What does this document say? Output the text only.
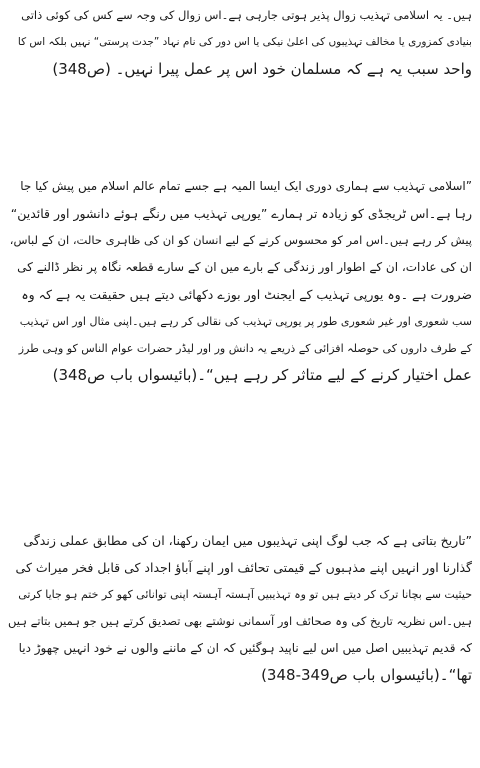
ہیں۔ یہ اسلامی تہذیب زوال پذیر ہوتی جارہی ہے۔اس زوال کی وجہ سے کس کی کوئی ذاتی
بنیادی کمزوری یا مخالف تہذیبوں کی اعلیٰ نیکی یا اس دور کی نام نہاد ”جدت پرستی“ نہیں بلکہ اس کا
واحد سبب یہ ہے کہ مسلمان خود اس پر عمل پیرا نہیں۔ (ص348)
”اسلامی تہذیب سے ہماری دوری ایک ایسا المیہ ہے جسے تمام عالم اسلام میں پیش کیا جا
رہا ہے۔اس ٹریجڈی کو زیادہ تر ہمارے ”یورپی تہذیب میں رنگے ہوئے دانشور اور قائدین“
پیش کر رہے ہیں۔اس امر کو محسوس کرنے کے لیے انسان کو ان کی ظاہری حالت، ان کے لباس،
ان کی عادات، ان کے اطوار اور زندگی کے بارے میں ان کے سارے قطعہ نگاہ پر نظر ڈالنے کی
ضرورت ہے ۔وہ یورپی تہذیب کے ایجنٹ اور بوزے دکھائی دیتے ہیں حقیقت یہ ہے کہ وہ
سب شعوری اور غیر شعوری طور پر یورپی تہذیب کی نقالی کر رہے ہیں۔اپنی مثال اور اس تہذیب
کے طرف داروں کی حوصلہ افزائی کے ذریعے یہ دانش ور اور لیڈر حضرات عوام الناس کو وہی طرز
عمل اختیار کرنے کے لیے متاثر کر رہے ہیں“۔(بائیسواں باب ص348)
”تاریخ بتاتی ہے کہ جب لوگ اپنی تہذیبوں میں ایمان رکھنا، ان کی مطابق عملی زندگی
گذارنا اور انہیں اپنے مذہبوں کے قیمتی تحائف اور اپنے آباؤ اجداد کی قابل فخر میراث کی
حیثیت سے بچانا ترک کر دیتے ہیں تو وہ تہذیبیں آہستہ آہستہ اپنی توانائی کھو کر ختم ہو جایا کرتی
ہیں۔اس نظریہ تاریخ کی وہ صحائف اور آسمانی نوشتے بھی تصدیق کرتے ہیں جو ہمیں بتاتے ہیں
کہ قدیم تہذیبیں اصل میں اس لیے ناپید ہوگئیں کہ ان کے ماننے والوں نے خود انہیں چھوڑ دیا
تھا“۔(بائیسواں باب ص349-348)
